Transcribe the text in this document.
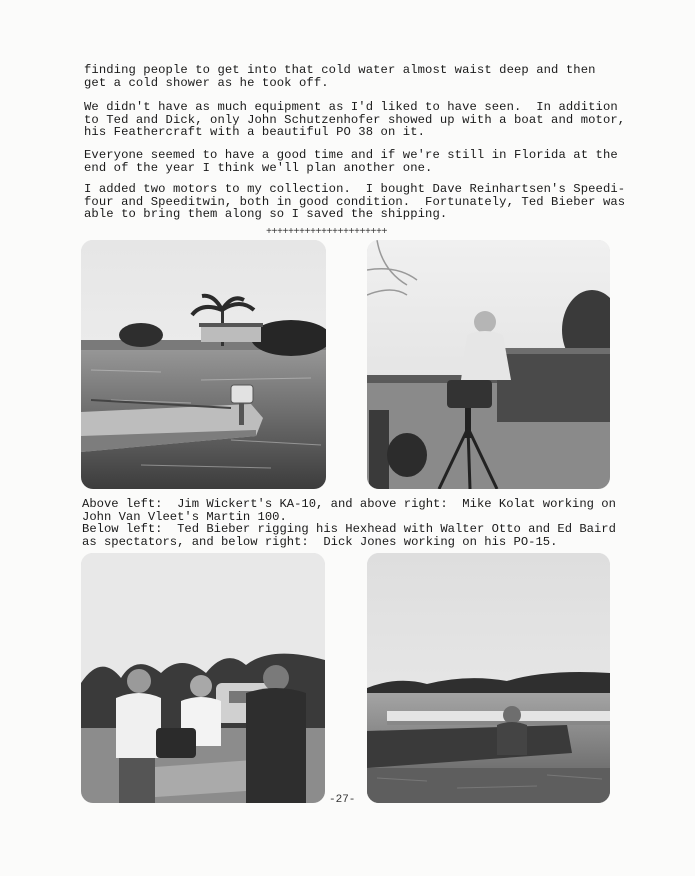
finding people to get into that cold water almost waist deep and then
get a cold shower as he took off.

We didn't have as much equipment as I'd liked to have seen.  In addition
to Ted and Dick, only John Schutzenhofer showed up with a boat and motor,
his Feathercraft with a beautiful PO 38 on it.

Everyone seemed to have a good time and if we're still in Florida at the
end of the year I think we'll plan another one.

I added two motors to my collection.  I bought Dave Reinhartsen's Speedi-
four and Speeditwin, both in good condition.  Fortunately, Ted Bieber was
able to bring them along so I saved the shipping.

++++++++++++++++++++++

Above left:  Jim Wickert's KA-10, and above right:  Mike Kolat working on
John Van Vleet's Martin 100.
Below left:  Ted Bieber rigging his Hexhead with Walter Otto and Ed Baird
as spectators, and below right:  Dick Jones working on his PO-15.

-27-
